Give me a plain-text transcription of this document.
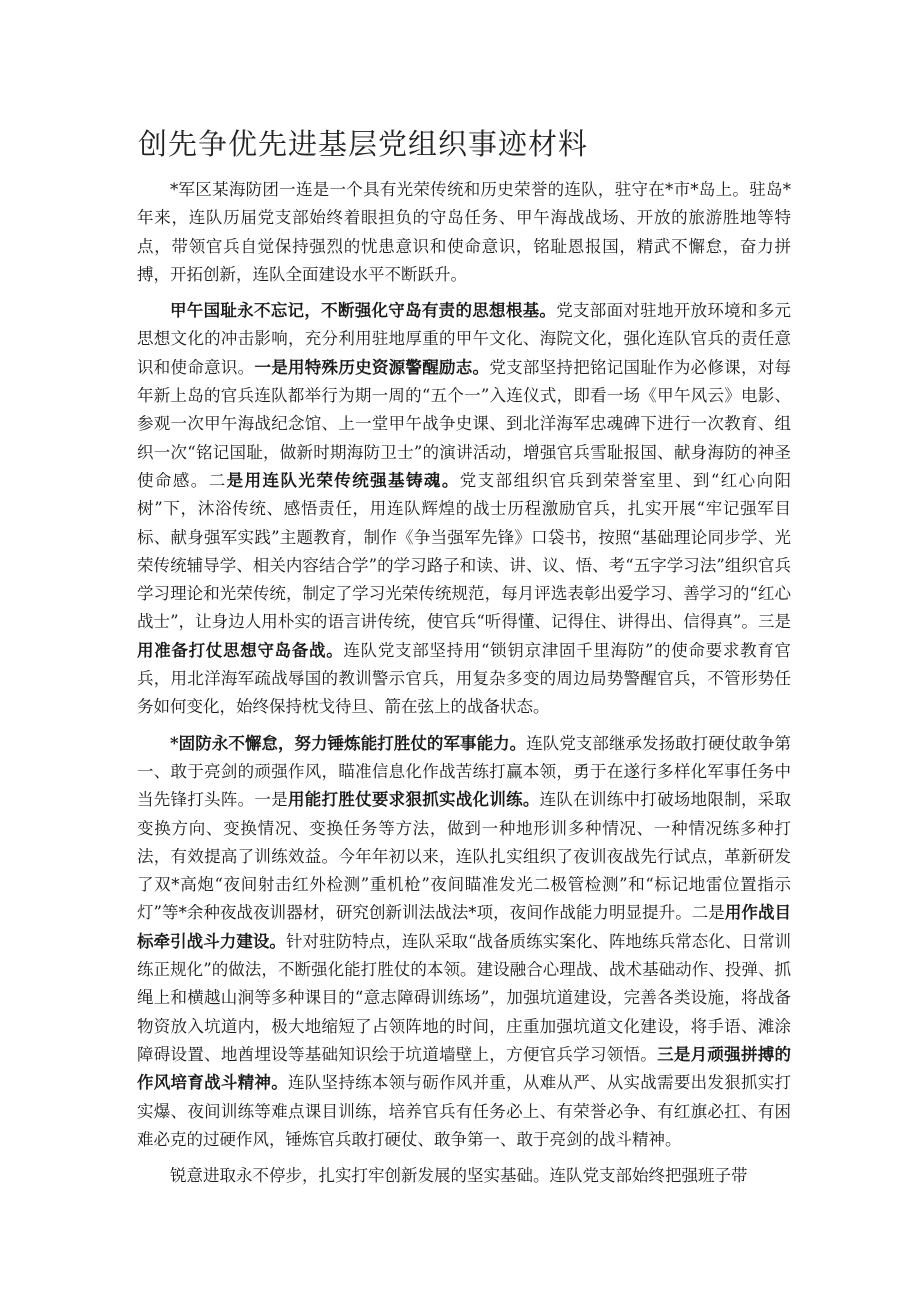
创先争优先进基层党组织事迹材料

*军区某海防团一连是一个具有光荣传统和历史荣誉的连队，驻守在*市*岛上。驻岛*年来，连队历届党支部始终着眼担负的守岛任务、甲午海战战场、开放的旅游胜地等特点，带领官兵自觉保持强烈的忧患意识和使命意识，铭耻恩报国，精武不懈怠，奋力拼搏，开拓创新，连队全面建设水平不断跃升。

甲午国耻永不忘记，不断强化守岛有责的思想根基。党支部面对驻地开放环境和多元思想文化的冲击影响，充分利用驻地厚重的甲午文化、海院文化，强化连队官兵的责任意识和使命意识。一是用特殊历史资源警醒励志。党支部坚持把铭记国耻作为必修课，对每年新上岛的官兵连队都举行为期一周的“五个一”入连仪式，即看一场《甲午风云》电影、参观一次甲午海战纪念馆、上一堂甲午战争史课、到北洋海军忠魂碑下进行一次教育、组织一次“铭记国耻，做新时期海防卫士”的演讲活动，增强官兵雪耻报国、献身海防的神圣使命感。二是用连队光荣传统强基铸魂。党支部组织官兵到荣誉室里、到“红心向阳树”下，沐浴传统、感悟责任，用连队辉煌的战士历程激励官兵，扎实开展“牢记强军目标、献身强军实践”主题教育，制作《争当强军先锋》口袋书，按照“基础理论同步学、光荣传统辅导学、相关内容结合学”的学习路子和读、讲、议、悟、考“五字学习法”组织官兵学习理论和光荣传统，制定了学习光荣传统规范，每月评选表彰出爱学习、善学习的“红心战士”，让身边人用朴实的语言讲传统，使官兵“听得懂、记得住、讲得出、信得真”。三是用准备打仗思想守岛备战。连队党支部坚持用“锁钥京津固千里海防”的使命要求教育官兵，用北洋海军疏战辱国的教训警示官兵，用复杂多变的周边局势警醒官兵，不管形势任务如何变化，始终保持枕戈待旦、箭在弦上的战备状态。

*固防永不懈怠，努力锤炼能打胜仗的军事能力。连队党支部继承发扬敢打硬仗敢争第一、敢于亮剑的顽强作风，瞄准信息化作战苦练打赢本领，勇于在遂行多样化军事任务中当先锋打头阵。一是用能打胜仗要求狠抓实战化训练。连队在训练中打破场地限制，采取变换方向、变换情况、变换任务等方法，做到一种地形训多种情况、一种情况练多种打法，有效提高了训练效益。今年年初以来，连队扎实组织了夜训夜战先行试点，革新研发了双*高炮“夜间射击红外检测”重机枪”夜间瞄准发光二极管检测”和“标记地雷位置指示灯”等*余种夜战夜训器材，研究创新训法战法*项，夜间作战能力明显提升。二是用作战目标牵引战斗力建设。针对驻防特点，连队采取“战备质练实案化、阵地练兵常态化、日常训练正规化”的做法，不断强化能打胜仗的本领。建设融合心理战、战术基础动作、投弹、抓绳上和横越山涧等多种课目的“意志障碍训练场”，加强坑道建设，完善各类设施，将战备物资放入坑道内，极大地缩短了占领阵地的时间，庄重加强坑道文化建设，将手语、滩涂障碍设置、地酋埋设等基础知识绘于坑道墙壁上，方便官兵学习领悟。三是月顽强拼搏的作风培育战斗精神。连队坚持练本领与砺作风并重，从难从严、从实战需要出发狠抓实打实爆、夜间训练等难点课目训练，培养官兵有任务必上、有荣誉必争、有红旗必扛、有困难必克的过硬作风，锤炼官兵敢打硬仗、敢争第一、敢于亮剑的战斗精神。

锐意进取永不停步，扎实打牢创新发展的坚实基础。连队党支部始终把强班子带
